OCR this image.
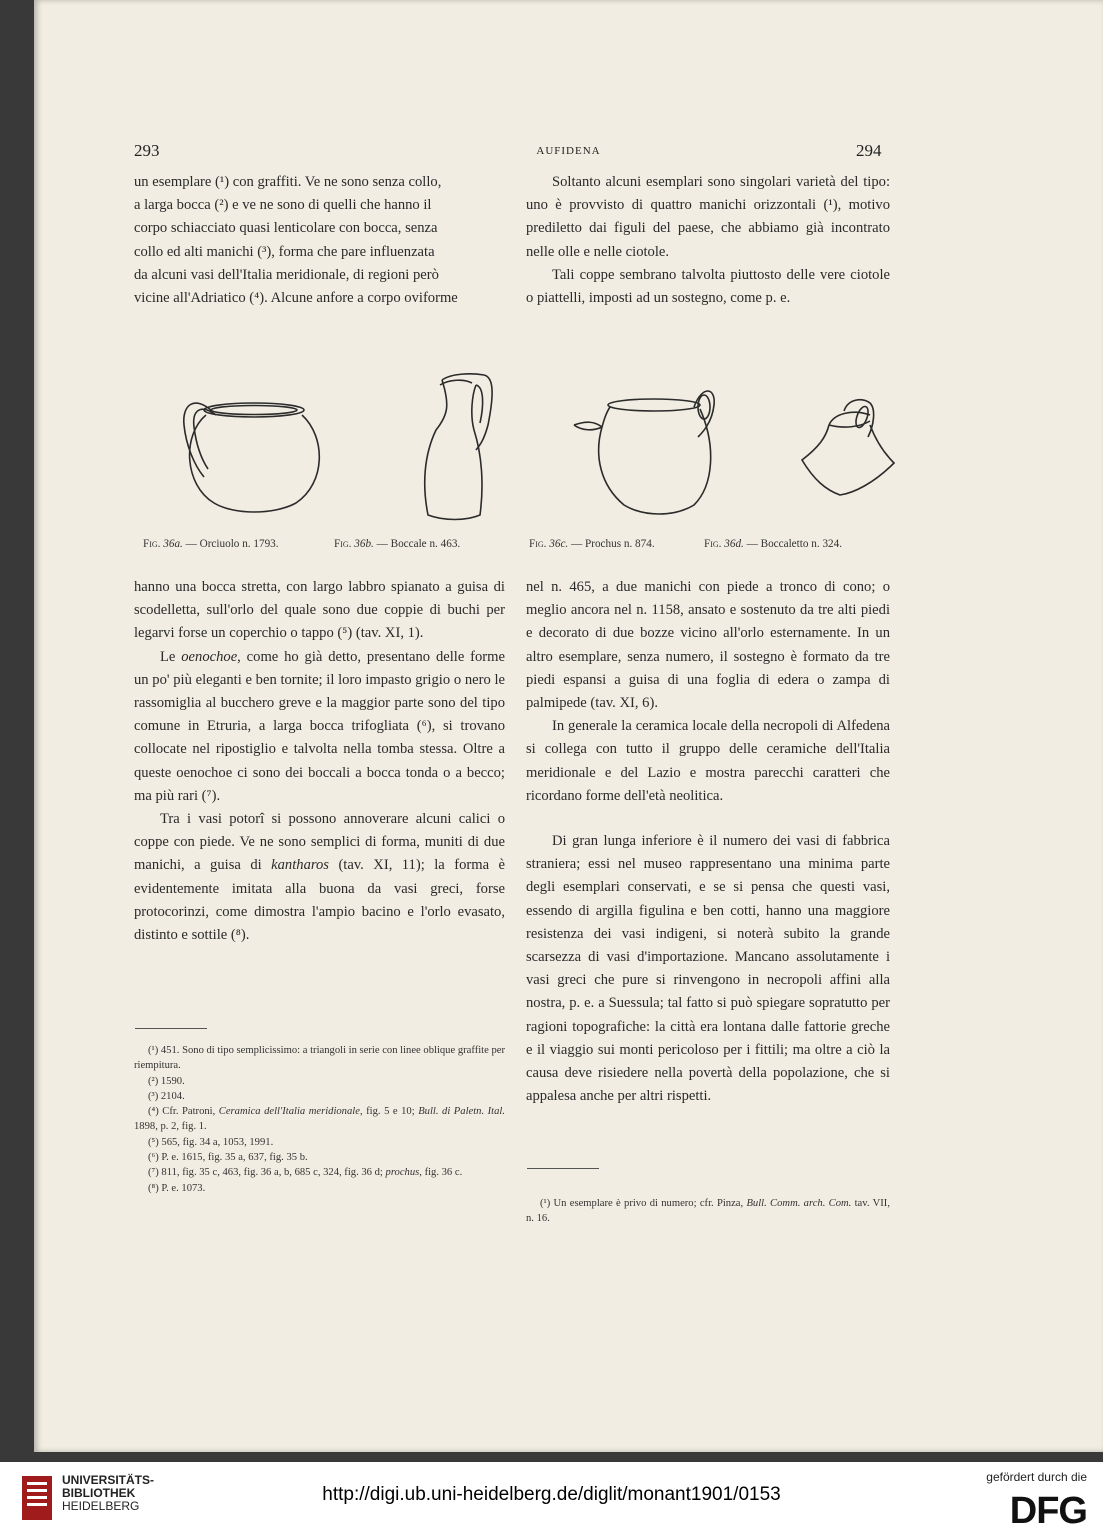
293	AUFIDENA	294

un esemplare (¹) con graffiti. Ve ne sono senza collo,

a larga bocca (²) e ve ne sono di quelli che hanno il

corpo schiacciato quasi lenticolare con bocca, senza

collo ed alti manichi (³), forma che pare influenzata

da alcuni vasi dell'Italia meridionale, di regioni però

vicine all'Adriatico (⁴). Alcune anfore a corpo oviforme

Soltanto alcuni esemplari sono singolari varietà del tipo: uno è provvisto di quattro manichi orizzontali (¹), motivo prediletto dai figuli del paese, che abbiamo già incontrato nelle olle e nelle ciotole.

Tali coppe sembrano talvolta piuttosto delle vere ciotole o piattelli, imposti ad un sostegno, come p. e.

Fig. 36a. — Orciuolo n. 1793.	Fig. 36b. — Boccale n. 463.	Fig. 36c. — Prochus n. 874.	Fig. 36d. — Boccaletto n. 324.

hanno una bocca stretta, con largo labbro spianato a guisa di scodelletta, sull'orlo del quale sono due coppie di buchi per legarvi forse un coperchio o tappo (⁵) (tav. XI, 1).

Le oenochoe, come ho già detto, presentano delle forme un po' più eleganti e ben tornite; il loro impasto grigio o nero le rassomiglia al bucchero greve e la maggior parte sono del tipo comune in Etruria, a larga bocca trifogliata (⁶), si trovano collocate nel ripostiglio e talvolta nella tomba stessa. Oltre a queste oenochoe ci sono dei boccali a bocca tonda o a becco; ma più rari (⁷).

Tra i vasi potorî si possono annoverare alcuni calici o coppe con piede. Ve ne sono semplici di forma, muniti di due manichi, a guisa di kantharos (tav. XI, 11); la forma è evidentemente imitata alla buona da vasi greci, forse protocorinzi, come dimostra l'ampio bacino e l'orlo evasato, distinto e sottile (⁸).

nel n. 465, a due manichi con piede a tronco di cono; o meglio ancora nel n. 1158, ansato e sostenuto da tre alti piedi e decorato di due bozze vicino all'orlo esternamente. In un altro esemplare, senza numero, il sostegno è formato da tre piedi espansi a guisa di una foglia di edera o zampa di palmipede (tav. XI, 6).

In generale la ceramica locale della necropoli di Alfedena si collega con tutto il gruppo delle ceramiche dell'Italia meridionale e del Lazio e mostra parecchi caratteri che ricordano forme dell'età neolitica.

Di gran lunga inferiore è il numero dei vasi di fabbrica straniera; essi nel museo rappresentano una minima parte degli esemplari conservati, e se si pensa che questi vasi, essendo di argilla figulina e ben cotti, hanno una maggiore resistenza dei vasi indigeni, si noterà subito la grande scarsezza di vasi d'importazione. Mancano assolutamente i vasi greci che pure si rinvengono in necropoli affini alla nostra, p. e. a Suessula; tal fatto si può spiegare sopratutto per ragioni topografiche: la città era lontana dalle fattorie greche e il viaggio sui monti pericoloso per i fittili; ma oltre a ciò la causa deve risiedere nella povertà della popolazione, che si appalesa anche per altri rispetti.

(¹) 451. Sono di tipo semplicissimo: a triangoli in serie con linee oblique graffite per riempitura.

(²) 1590.

(³) 2104.

(⁴) Cfr. Patroni, Ceramica dell'Italia meridionale, fig. 5 e 10; Bull. di Paletn. Ital. 1898, p. 2, fig. 1.

(⁵) 565, fig. 34 a, 1053, 1991.

(⁶) P. e. 1615, fig. 35 a, 637, fig. 35 b.

(⁷) 811, fig. 35 c, 463, fig. 36 a, b, 685 c, 324, fig. 36 d; prochus, fig. 36 c.

(⁸) P. e. 1073.

(¹) Un esemplare è privo di numero; cfr. Pinza, Bull. Comm. arch. Com. tav. VII, n. 16.

UNIVERSITÄTS-
BIBLIOTHEK
HEIDELBERG
http://digi.ub.uni-heidelberg.de/diglit/monant1901/0153
gefördert durch die
DFG
